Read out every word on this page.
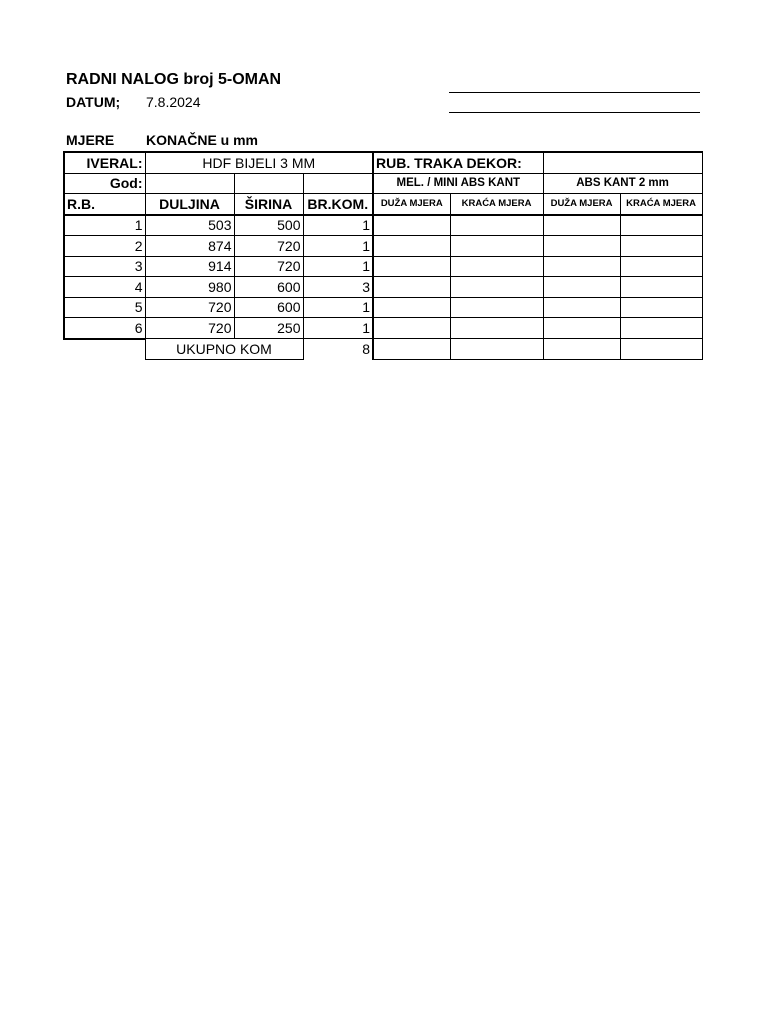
RADNI NALOG broj 5-OMAN
DATUM; 7.8.2024
MJERE KONAČNE u mm
IVERAL:	HDF BIJELI 3 MM			RUB. TRAKA DEKOR:			
God:				MEL. / MINI ABS KANT		ABS KANT 2 mm	
R.B.	DULJINA	ŠIRINA	BR.KOM.	DUŽA MJERA	KRAĆA MJERA	DUŽA MJERA	KRAĆA MJERA
1	503	500	1				
2	874	720	1				
3	914	720	1				
4	980	600	3				
5	720	600	1				
6	720	250	1				
	UKUPNO KOM		8				
